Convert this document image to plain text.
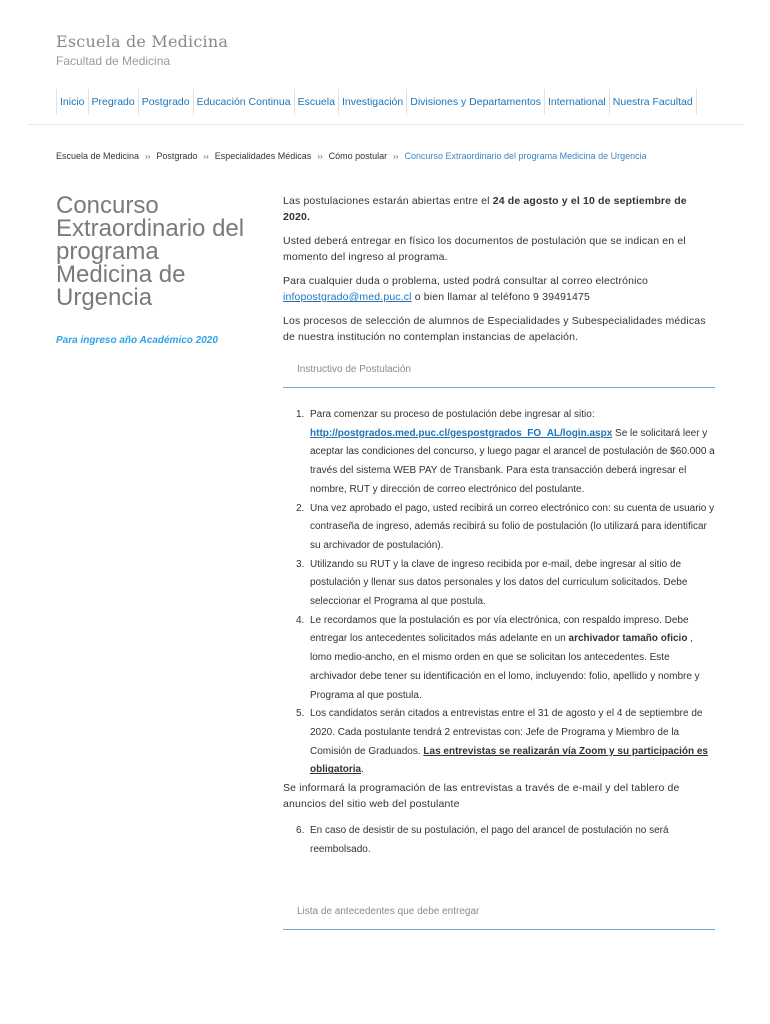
Escuela de Medicina
Facultad de Medicina
Inicio Pregrado Postgrado Educación Continua Escuela Investigación Divisiones y Departamentos International Nuestra Facultad
Escuela de Medicina ›› Postgrado ›› Especialidades Médicas ›› Cómo postular ›› Concurso Extraordinario del programa Medicina de Urgencia
Concurso Extraordinario del programa Medicina de Urgencia
Para ingreso año Académico 2020

Las postulaciones estarán abiertas entre el 24 de agosto y el 10 de septiembre de 2020.

Usted deberá entregar en físico los documentos de postulación que se indican en el momento del ingreso al programa.

Para cualquier duda o problema, usted podrá consultar al correo electrónico infopostgrado@med.puc.cl o bien llamar al teléfono 9 39491475

Los procesos de selección de alumnos de Especialidades y Subespecialidades médicas de nuestra institución no contemplan instancias de apelación.

Instructivo de Postulación
1. Para comenzar su proceso de postulación debe ingresar al sitio: http://postgrados.med.puc.cl/gespostgrados_FO_AL/login.aspx Se le solicitará leer y aceptar las condiciones del concurso, y luego pagar el arancel de postulación de $60.000 a través del sistema WEB PAY de Transbank. Para esta transacción deberá ingresar el nombre, RUT y dirección de correo electrónico del postulante.
2. Una vez aprobado el pago, usted recibirá un correo electrónico con: su cuenta de usuario y contraseña de ingreso, además recibirá su folio de postulación (lo utilizará para identificar su archivador de postulación).
3. Utilizando su RUT y la clave de ingreso recibida por e-mail, debe ingresar al sitio de postulación y llenar sus datos personales y los datos del curriculum solicitados. Debe seleccionar el Programa al que postula.
4. Le recordamos que la postulación es por vía electrónica, con respaldo impreso. Debe entregar los antecedentes solicitados más adelante en un archivador tamaño oficio , lomo medio-ancho, en el mismo orden en que se solicitan los antecedentes. Este archivador debe tener su identificación en el lomo, incluyendo: folio, apellido y nombre y Programa al que postula.
5. Los candidatos serán citados a entrevistas entre el 31 de agosto y el 4 de septiembre de 2020. Cada postulante tendrá 2 entrevistas con: Jefe de Programa y Miembro de la Comisión de Graduados. Las entrevistas se realizarán vía Zoom y su participación es obligatoria.

Se informará la programación de las entrevistas a través de e-mail y del tablero de anuncios del sitio web del postulante

6. En caso de desistir de su postulación, el pago del arancel de postulación no será reembolsado.
Lista de antecedentes que debe entregar
